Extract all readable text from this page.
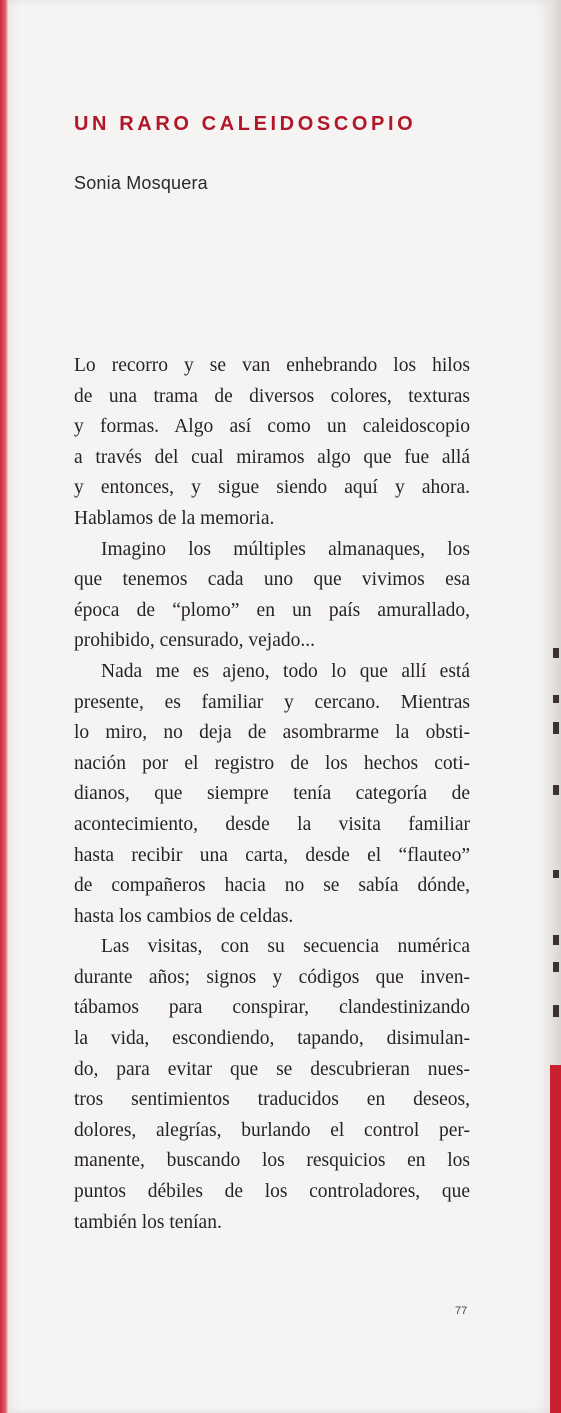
UN RARO CALEIDOSCOPIO

Sonia Mosquera

Lo recorro y se van enhebrando los hilos
de una trama de diversos colores, texturas
y formas. Algo así como un caleidoscopio
a través del cual miramos algo que fue allá
y entonces, y sigue siendo aquí y ahora.
Hablamos de la memoria.

Imagino los múltiples almanaques, los
que tenemos cada uno que vivimos esa
época de “plomo” en un país amurallado,
prohibido, censurado, vejado...

Nada me es ajeno, todo lo que allí está
presente, es familiar y cercano. Mientras
lo miro, no deja de asombrarme la obsti-
nación por el registro de los hechos coti-
dianos, que siempre tenía categoría de
acontecimiento, desde la visita familiar
hasta recibir una carta, desde el “flauteo”
de compañeros hacia no se sabía dónde,
hasta los cambios de celdas.

Las visitas, con su secuencia numérica
durante años; signos y códigos que inven-
tábamos para conspirar, clandestinizando
la vida, escondiendo, tapando, disimulan-
do, para evitar que se descubrieran nues-
tros sentimientos traducidos en deseos,
dolores, alegrías, burlando el control per-
manente, buscando los resquicios en los
puntos débiles de los controladores, que
también los tenían.

77
